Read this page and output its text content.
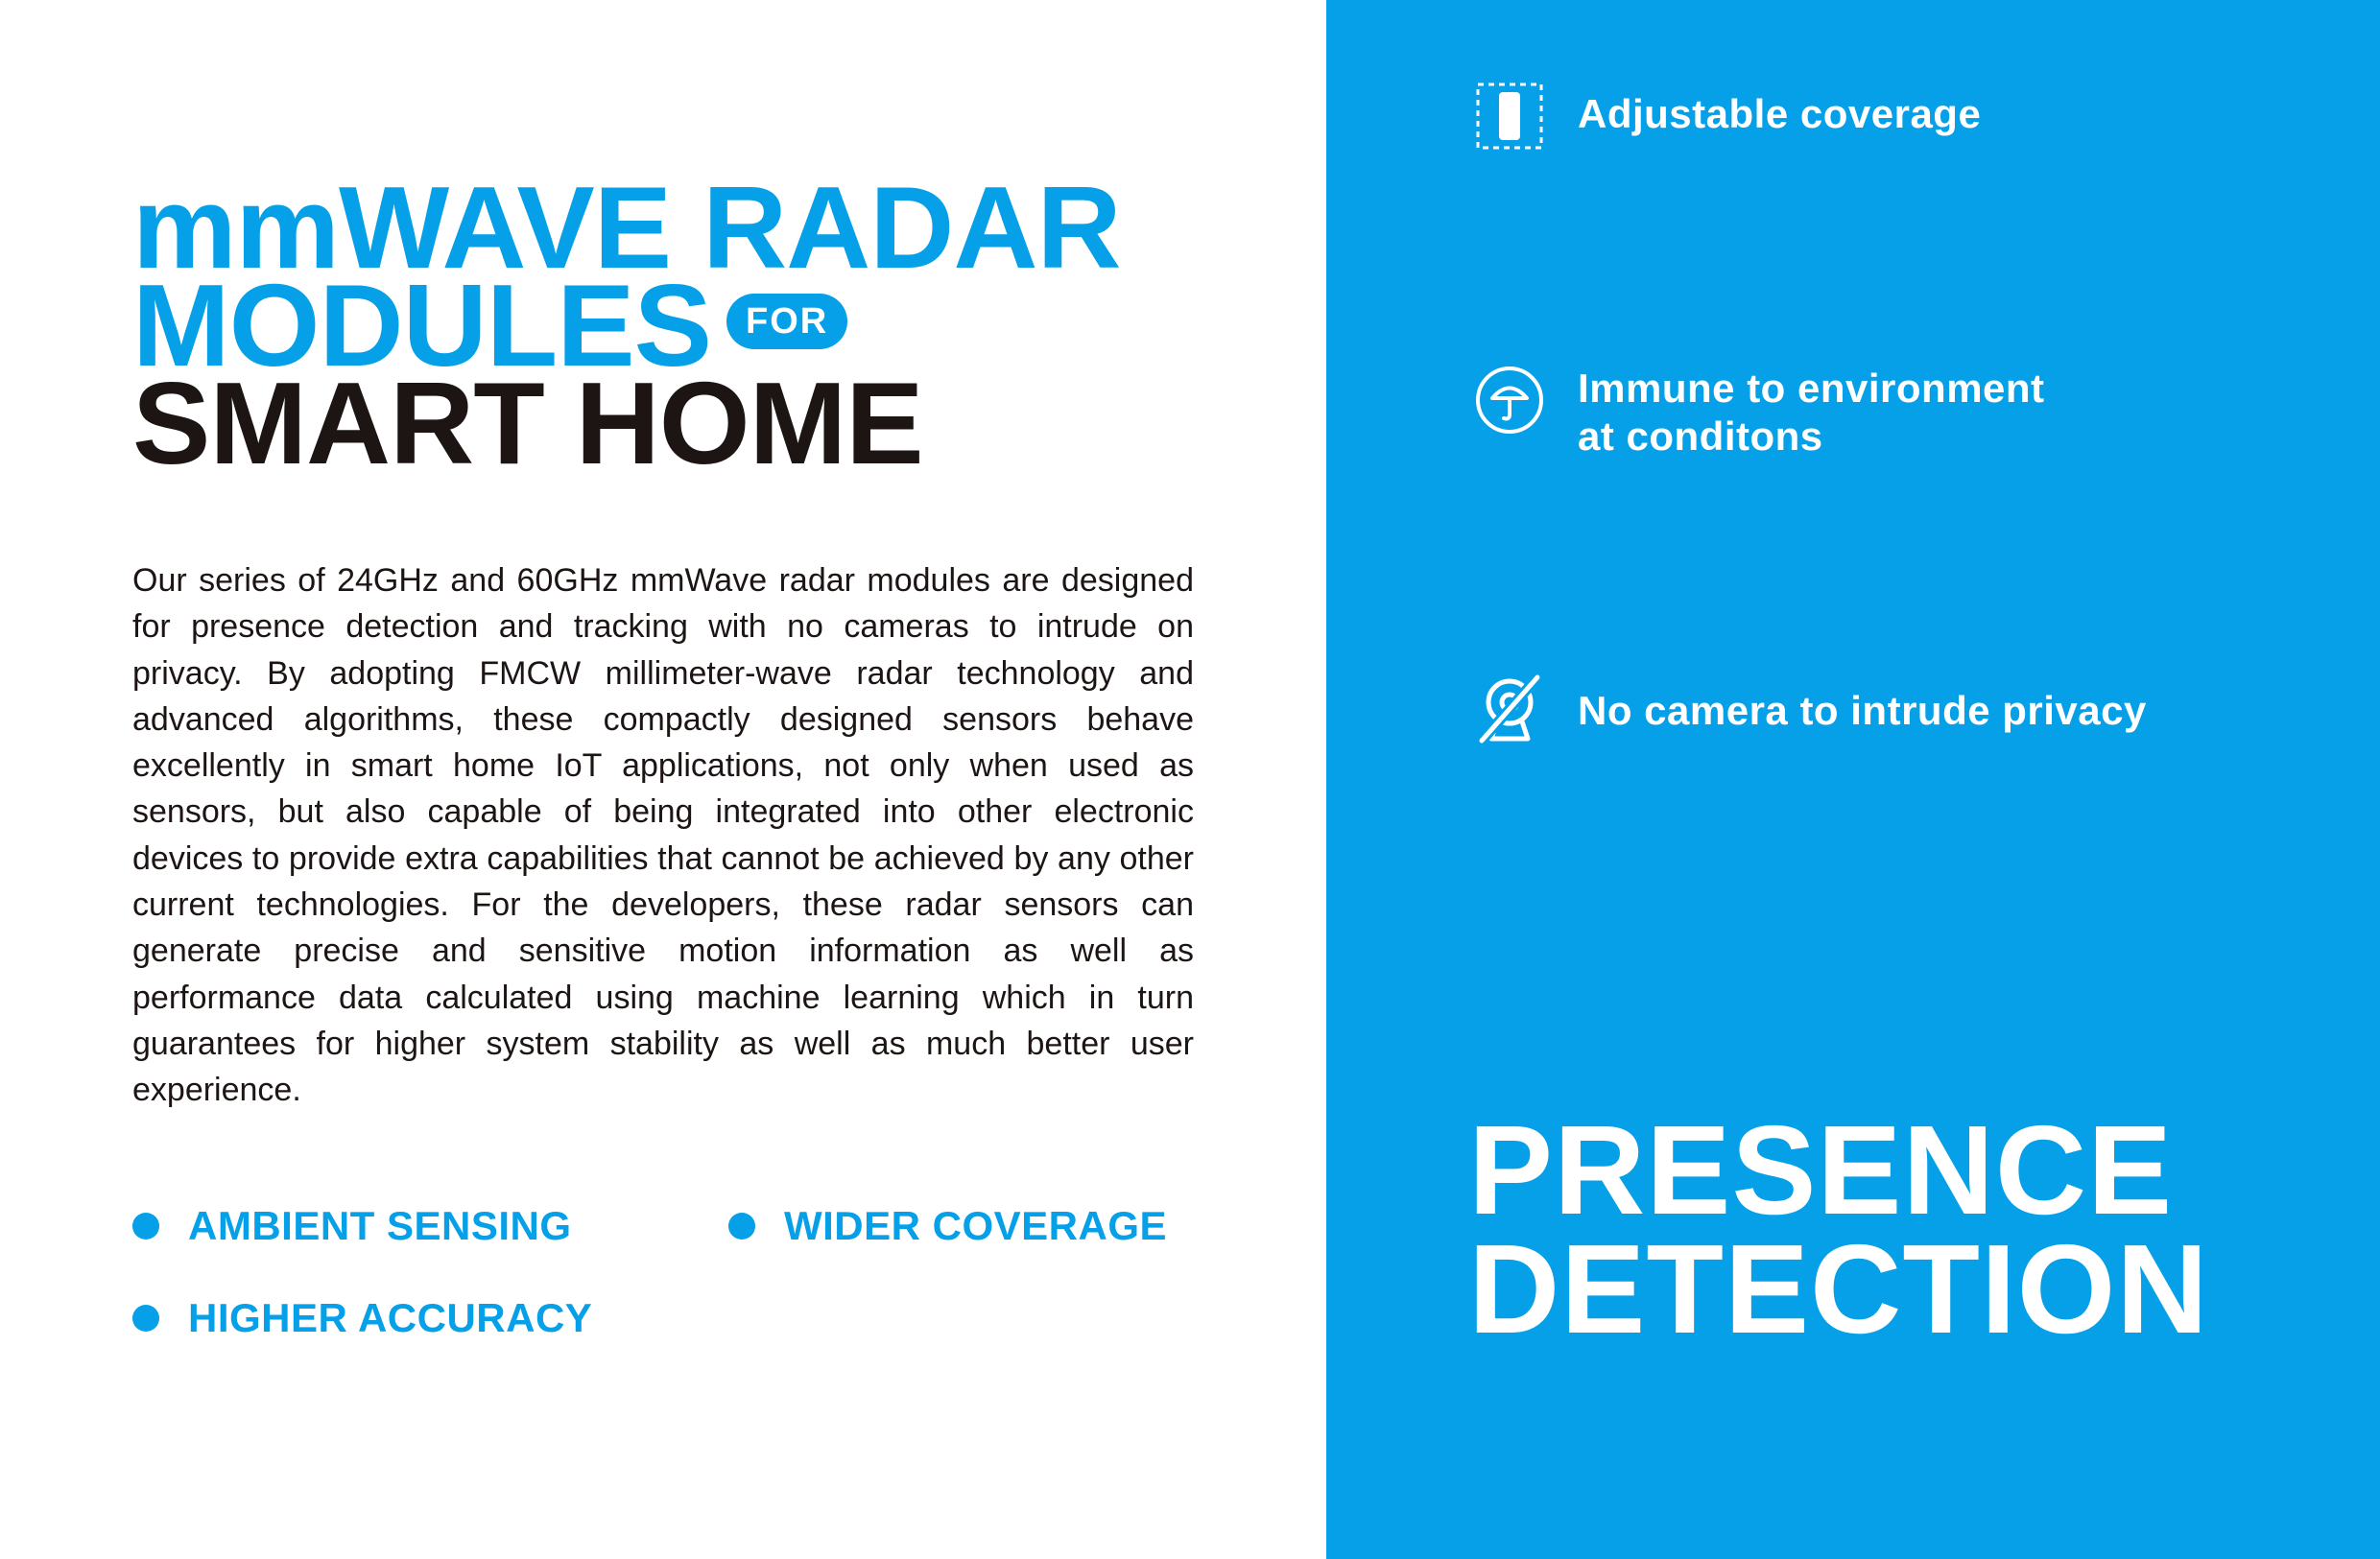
mmWAVE RADAR
MODULES FOR
SMART HOME

Our series of 24GHz and 60GHz mmWave radar modules are designed for presence detection and tracking with no cameras to intrude on privacy. By adopting FMCW millimeter-wave radar technology and advanced algorithms, these compactly designed sensors behave excellently in smart home IoT applications, not only when used as sensors, but also capable of being integrated into other electronic devices to provide extra capabilities that cannot be achieved by any other current technologies. For the developers, these radar sensors can generate precise and sensitive motion information as well as performance data calculated using machine learning which in turn guarantees for higher system stability as well as much better user experience.

AMBIENT SENSING	WIDER COVERAGE
HIGHER ACCURACY
Adjustable coverage
Immune to environment
at conditons
No camera to intrude privacy
PRESENCE
DETECTION
